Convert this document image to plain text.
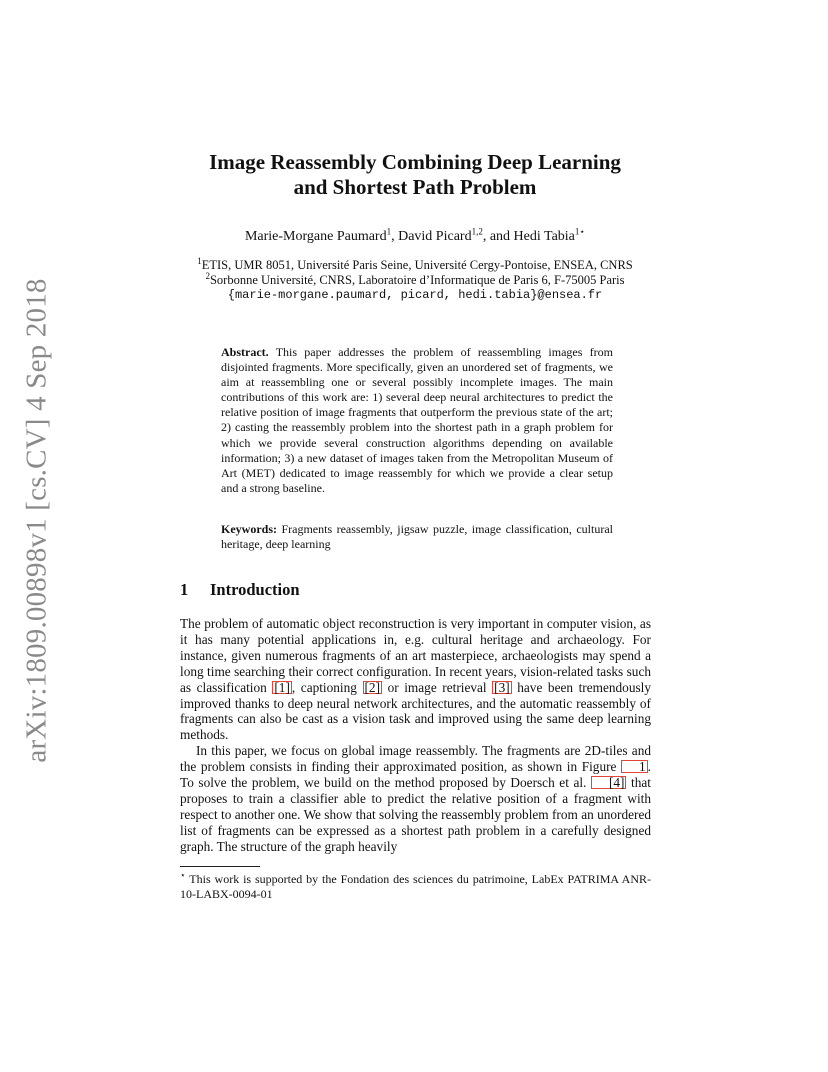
arXiv:1809.00898v1 [cs.CV] 4 Sep 2018
Image Reassembly Combining Deep Learning
and Shortest Path Problem
Marie-Morgane Paumard$^1$, David Picard$^{1,2}$, and Hedi Tabia$^{1⋆}$
$^1$ETIS, UMR 8051, Université Paris Seine, Université Cergy-Pontoise, ENSEA, CNRS
$^2$Sorbonne Université, CNRS, Laboratoire d’Informatique de Paris 6, F-75005 Paris
{marie-morgane.paumard, picard, hedi.tabia}@ensea.fr
Abstract. This paper addresses the problem of reassembling images from disjointed fragments. More specifically, given an unordered set of fragments, we aim at reassembling one or several possibly incomplete images. The main contributions of this work are: 1) several deep neural architectures to predict the relative position of image fragments that outperform the previous state of the art; 2) casting the reassembly problem into the shortest path in a graph problem for which we provide several construction algorithms depending on available information; 3) a new dataset of images taken from the Metropolitan Museum of Art (MET) dedicated to image reassembly for which we provide a clear setup and a strong baseline.
Keywords: Fragments reassembly, jigsaw puzzle, image classification, cultural heritage, deep learning
1 Introduction

The problem of automatic object reconstruction is very important in computer vision, as it has many potential applications in, e.g. cultural heritage and archaeology. For instance, given numerous fragments of an art masterpiece, archaeologists may spend a long time searching their correct configuration. In recent years, vision-related tasks such as classification [1] , captioning [2] or image retrieval [3] have been tremendously improved thanks to deep neural network architectures, and the automatic reassembly of fragments can also be cast as a vision task and improved using the same deep learning methods.

In this paper, we focus on global image reassembly. The fragments are 2D-tiles and the problem consists in finding their approximated position, as shown in Figure 1 . To solve the problem, we build on the method proposed by Doersch et al. [4] that proposes to train a classifier able to predict the relative position of a fragment with respect to another one. We show that solving the reassembly problem from an unordered list of fragments can be expressed as a shortest path problem in a carefully designed graph. The structure of the graph heavily

⋆ This work is supported by the Fondation des sciences du patrimoine, LabEx PATRIMA ANR-10-LABX-0094-01
